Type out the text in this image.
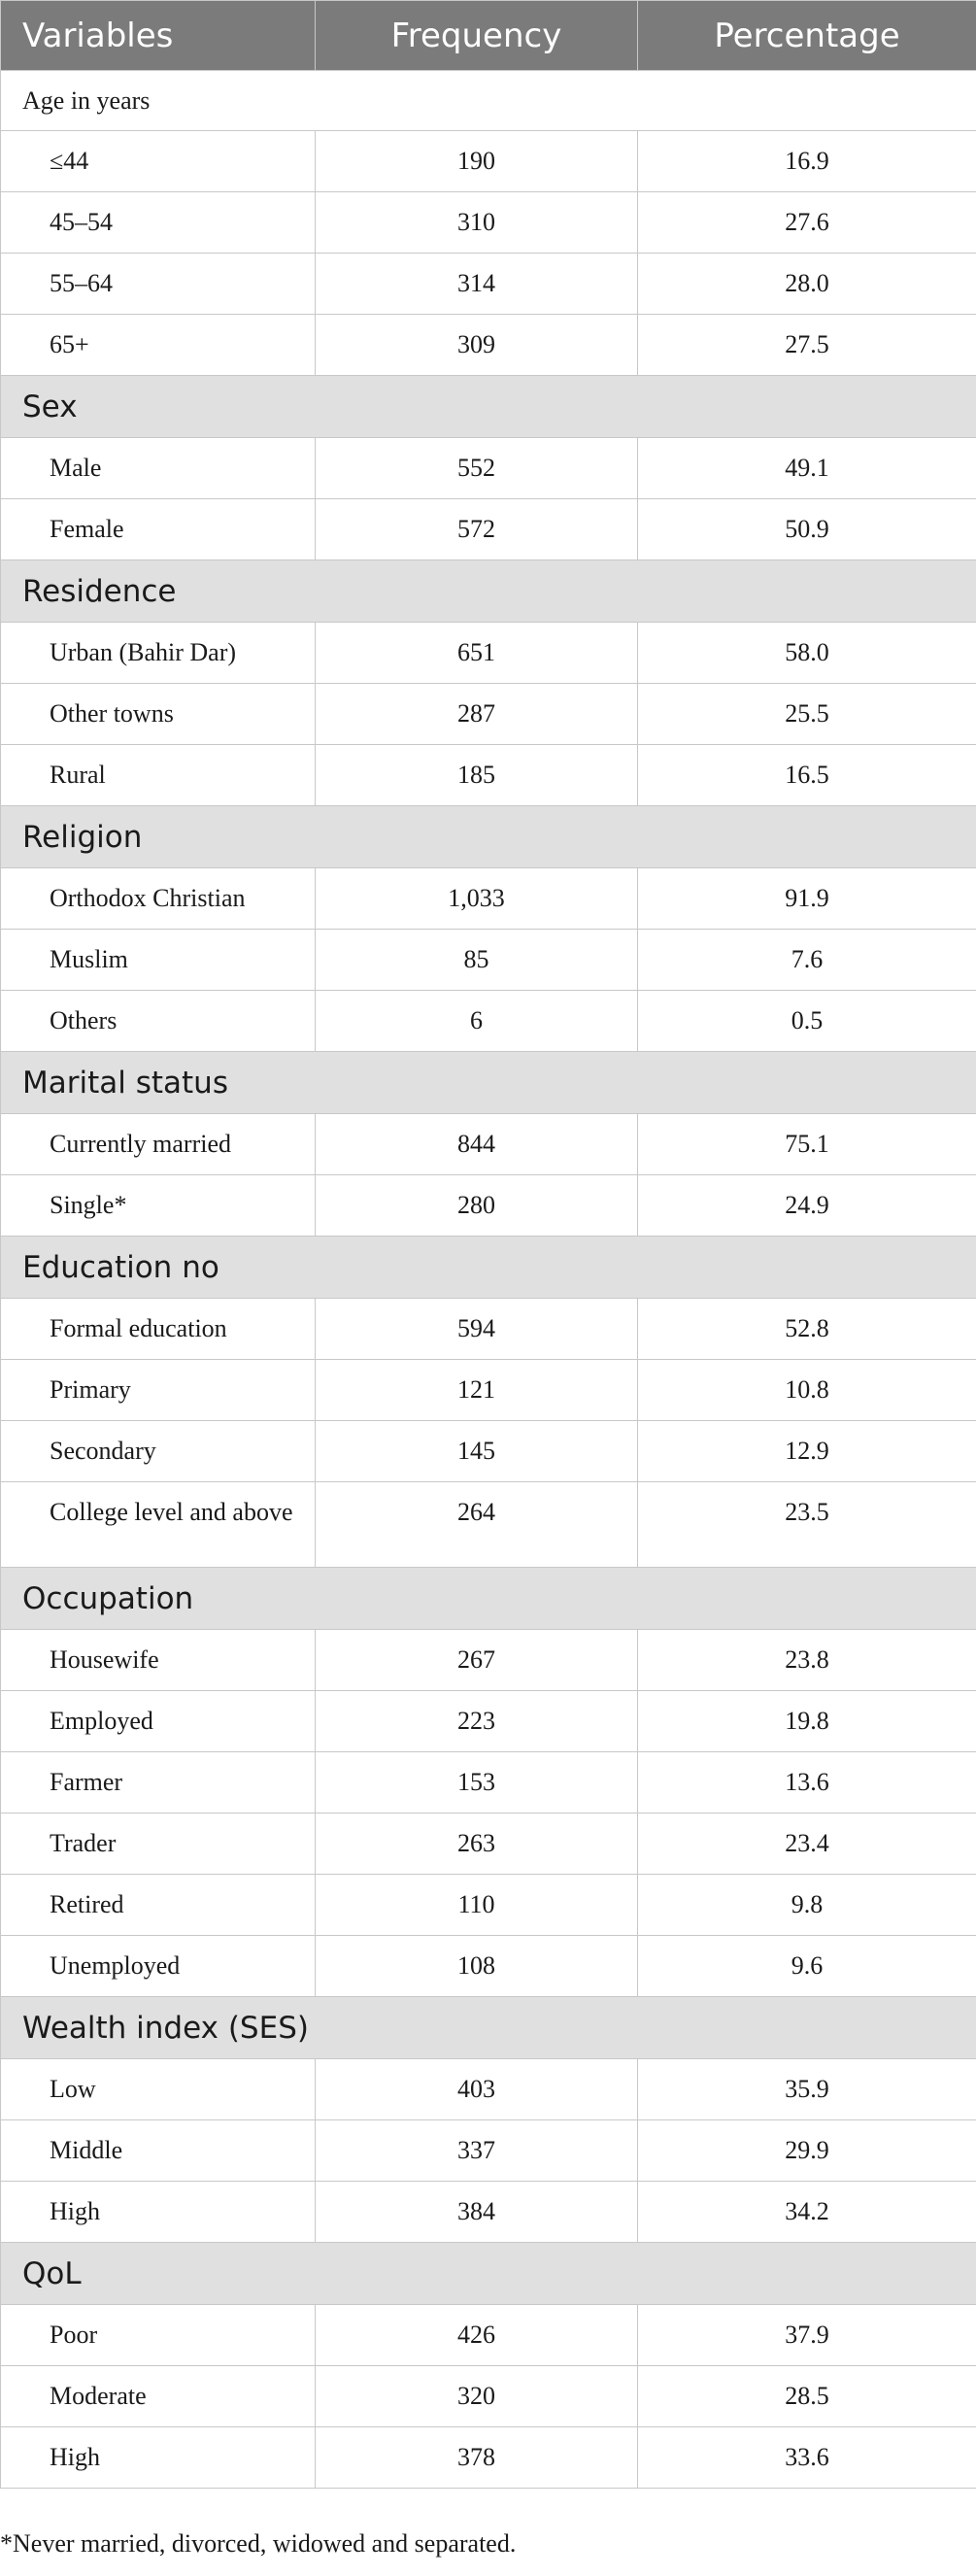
Variables	Frequency	Percentage
Age in years		
≤44	190	16.9
45–54	310	27.6
55–64	314	28.0
65+	309	27.5
Sex		
Male	552	49.1
Female	572	50.9
Residence		
Urban (Bahir Dar)	651	58.0
Other towns	287	25.5
Rural	185	16.5
Religion		
Orthodox Christian	1,033	91.9
Muslim	85	7.6
Others	6	0.5
Marital status		
Currently married	844	75.1
Single*	280	24.9
Education no		
Formal education	594	52.8
Primary	121	10.8
Secondary	145	12.9
College level and above	264	23.5
Occupation		
Housewife	267	23.8
Employed	223	19.8
Farmer	153	13.6
Trader	263	23.4
Retired	110	9.8
Unemployed	108	9.6
Wealth index (SES)		
Low	403	35.9
Middle	337	29.9
High	384	34.2
QoL		
Poor	426	37.9
Moderate	320	28.5
High	378	33.6
*Never married, divorced, widowed and separated.
